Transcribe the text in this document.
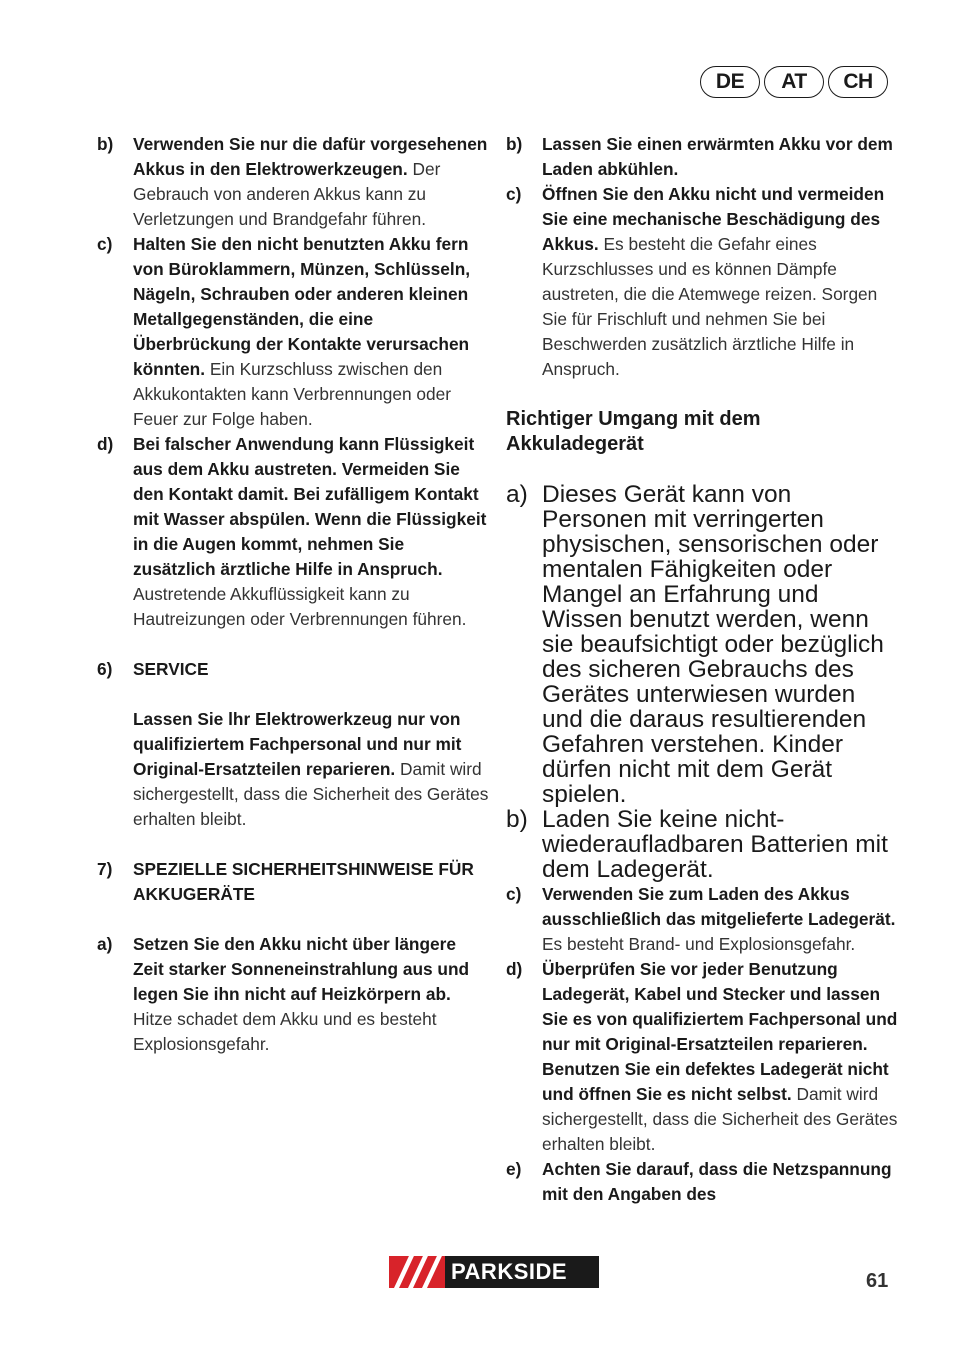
DE	AT	CH
b)	Verwenden Sie nur die dafür vorgesehenen Akkus in den Elektrowerkzeugen. Der Gebrauch von anderen Akkus kann zu Verletzungen und Brandgefahr führen.
c)	Halten Sie den nicht benutzten Akku fern von Büroklammern, Münzen, Schlüsseln, Nägeln, Schrauben oder anderen kleinen Metallgegenständen, die eine Überbrückung der Kontakte verursachen könnten. Ein Kurzschluss zwischen den Akkukontakten kann Verbrennungen oder Feuer zur Folge haben.
d)	Bei falscher Anwendung kann Flüssigkeit aus dem Akku austreten. Vermeiden Sie den Kontakt damit. Bei zufälligem Kontakt mit Wasser abspülen. Wenn die Flüssigkeit in die Augen kommt, nehmen Sie zusätzlich ärztliche Hilfe in Anspruch. Austretende Akkuflüssigkeit kann zu Hautreizungen oder Verbrennungen führen.
6)	SERVICE
Lassen Sie lhr Elektrowerkzeug nur von qualifiziertem Fachpersonal und nur mit Original-Ersatzteilen reparieren. Damit wird sichergestellt, dass die Sicherheit des Gerätes erhalten bleibt.
7)	SPEZIELLE SICHERHEITSHINWEISE FÜR AKKUGERÄTE
a)	Setzen Sie den Akku nicht über längere Zeit starker Sonneneinstrahlung aus und legen Sie ihn nicht auf Heizkörpern ab. Hitze schadet dem Akku und es besteht Explosionsgefahr.
b)	Lassen Sie einen erwärmten Akku vor dem Laden abkühlen.
c)	Öffnen Sie den Akku nicht und vermeiden Sie eine mechanische Beschädigung des Akkus. Es besteht die Gefahr eines Kurzschlusses und es können Dämpfe austreten, die die Atemwege reizen. Sorgen Sie für Frischluft und nehmen Sie bei Beschwerden zusätzlich ärztliche Hilfe in Anspruch.
Richtiger Umgang mit dem Akkuladegerät
a) Dieses Gerät kann von Personen mit verringerten physischen, sensorischen oder mentalen Fähigkeiten oder Mangel an Erfahrung und Wissen benutzt werden, wenn sie beaufsichtigt oder bezüglich des sicheren Gebrauchs des Gerätes unterwiesen wurden und die daraus resultierenden Gefahren verstehen. Kinder dürfen nicht mit dem Gerät spielen.
b) Laden Sie keine nicht-wiederaufladbaren Batterien mit dem Ladegerät.
c)	Verwenden Sie zum Laden des Akkus ausschließlich das mitgelieferte Ladegerät. Es besteht Brand- und Explosionsgefahr.
d)	Überprüfen Sie vor jeder Benutzung Ladegerät, Kabel und Stecker und lassen Sie es von qualifiziertem Fachpersonal und nur mit Original-Ersatzteilen reparieren. Benutzen Sie ein defektes Ladegerät nicht und öffnen Sie es nicht selbst. Damit wird sichergestellt, dass die Sicherheit des Gerätes erhalten bleibt.
e)	Achten Sie darauf, dass die Netzspannung mit den Angaben des
PARKSIDE	61
